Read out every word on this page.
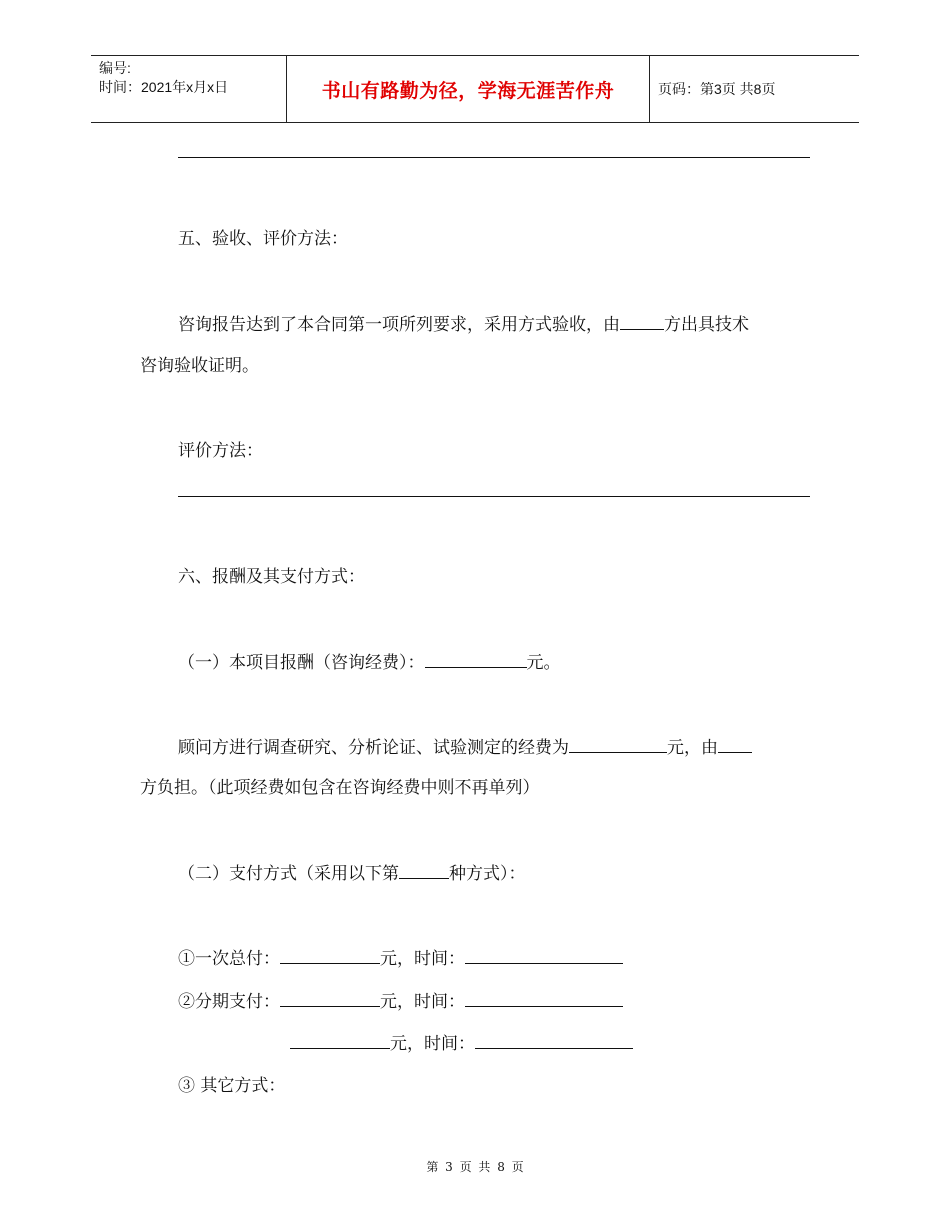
编号:
时间：2021年x月x日	书山有路勤为径，学海无涯苦作舟	页码：第3页 共8页
五、验收、评价方法：
咨询报告达到了本合同第一项所列要求，采用方式验收，由	方出具技术
咨询验收证明。
评价方法：
六、报酬及其支付方式：
（一）本项目报酬（咨询经费）：	元。
顾问方进行调查研究、分析论证、试验测定的经费为	元，由
方负担。（此项经费如包含在咨询经费中则不再单列）
（二）支付方式（采用以下第	种方式）：
①一次总付：	元，时间：
②分期支付：	元，时间：
元，时间：
③ 其它方式：
第 3 页 共 8 页
